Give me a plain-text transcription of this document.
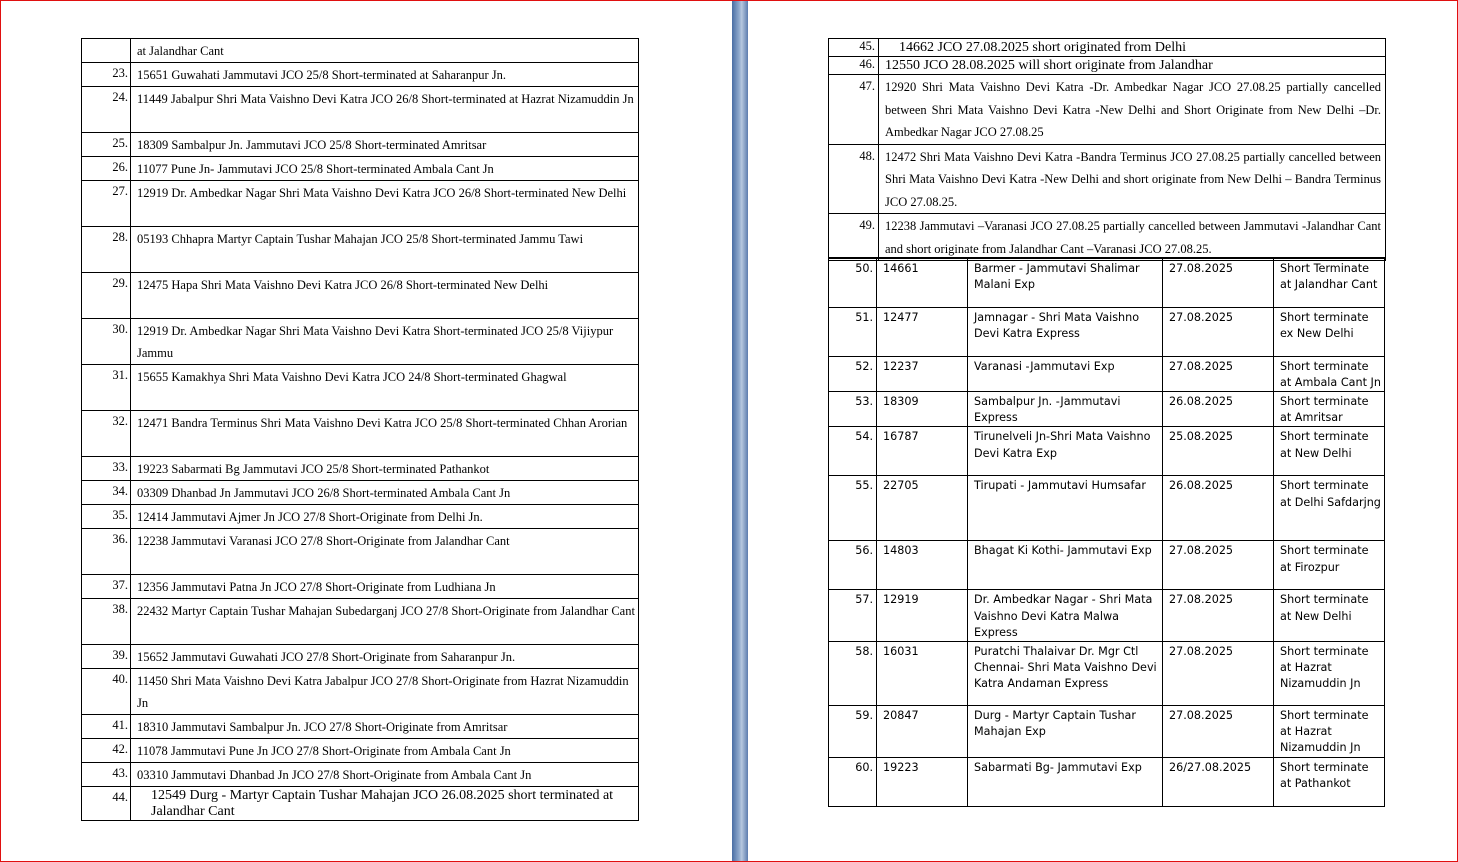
	at Jalandhar Cant
23.	15651 Guwahati Jammutavi JCO 25/8 Short-terminated at Saharanpur Jn.
24.	11449 Jabalpur Shri Mata Vaishno Devi Katra JCO 26/8 Short-terminated at Hazrat Nizamuddin Jn
25.	18309 Sambalpur Jn. Jammutavi JCO 25/8 Short-terminated Amritsar
26.	11077 Pune Jn- Jammutavi JCO 25/8 Short-terminated Ambala Cant Jn
27.	12919 Dr. Ambedkar Nagar Shri Mata Vaishno Devi Katra JCO 26/8 Short-terminated New Delhi
28.	05193 Chhapra Martyr Captain Tushar Mahajan JCO 25/8 Short-terminated Jammu Tawi
29.	12475 Hapa Shri Mata Vaishno Devi Katra JCO 26/8 Short-terminated New Delhi
30.	12919 Dr. Ambedkar Nagar Shri Mata Vaishno Devi Katra Short-terminated JCO 25/8 Vijiypur Jammu
31.	15655 Kamakhya Shri Mata Vaishno Devi Katra JCO 24/8 Short-terminated Ghagwal
32.	12471 Bandra Terminus Shri Mata Vaishno Devi Katra JCO 25/8 Short-terminated Chhan Arorian
33.	19223 Sabarmati Bg Jammutavi JCO 25/8 Short-terminated Pathankot
34.	03309 Dhanbad Jn Jammutavi JCO 26/8 Short-terminated Ambala Cant Jn
35.	12414 Jammutavi Ajmer Jn JCO 27/8 Short-Originate from Delhi Jn.
36.	12238 Jammutavi Varanasi JCO 27/8 Short-Originate from Jalandhar Cant
37.	12356 Jammutavi Patna Jn JCO 27/8 Short-Originate from Ludhiana Jn
38.	22432 Martyr Captain Tushar Mahajan Subedarganj JCO 27/8 Short-Originate from Jalandhar Cant
39.	15652 Jammutavi Guwahati JCO 27/8 Short-Originate from Saharanpur Jn.
40.	11450 Shri Mata Vaishno Devi Katra Jabalpur JCO 27/8 Short-Originate from Hazrat Nizamuddin Jn
41.	18310 Jammutavi Sambalpur Jn. JCO 27/8 Short-Originate from Amritsar
42.	11078 Jammutavi Pune Jn JCO 27/8 Short-Originate from Ambala Cant Jn
43.	03310 Jammutavi Dhanbad Jn JCO 27/8 Short-Originate from Ambala Cant Jn
44.	12549 Durg - Martyr Captain Tushar Mahajan JCO 26.08.2025 short terminated at Jalandhar Cant
45.	14662 JCO 27.08.2025 short originated from Delhi
46.	12550 JCO 28.08.2025 will short originate from Jalandhar
47.	12920 Shri Mata Vaishno Devi Katra -Dr. Ambedkar Nagar JCO 27.08.25 partially cancelled between Shri Mata Vaishno Devi Katra -New Delhi and Short Originate from New Delhi –Dr. Ambedkar Nagar JCO 27.08.25
48.	12472 Shri Mata Vaishno Devi Katra -Bandra Terminus JCO 27.08.25 partially cancelled between Shri Mata Vaishno Devi Katra -New Delhi and short originate from New Delhi – Bandra Terminus JCO 27.08.25.
49.	12238 Jammutavi –Varanasi JCO 27.08.25 partially cancelled between Jammutavi -Jalandhar Cant and short originate from Jalandhar Cant –Varanasi JCO 27.08.25.
50.	14661	Barmer - Jammutavi Shalimar Malani Exp	27.08.2025	Short Terminate at Jalandhar Cant
51.	12477	Jamnagar - Shri Mata Vaishno Devi Katra Express	27.08.2025	Short terminate ex New Delhi
52.	12237	Varanasi -Jammutavi Exp	27.08.2025	Short terminate at Ambala Cant Jn
53.	18309	Sambalpur Jn. -Jammutavi Express	26.08.2025	Short terminate at Amritsar
54.	16787	Tirunelveli Jn-Shri Mata Vaishno Devi Katra Exp	25.08.2025	Short terminate at New Delhi
55.	22705	Tirupati - Jammutavi Humsafar	26.08.2025	Short terminate at Delhi Safdarjng
56.	14803	Bhagat Ki Kothi- Jammutavi Exp	27.08.2025	Short terminate at Firozpur
57.	12919	Dr. Ambedkar Nagar - Shri Mata Vaishno Devi Katra Malwa Express	27.08.2025	Short terminate at New Delhi
58.	16031	Puratchi Thalaivar Dr. Mgr Ctl Chennai- Shri Mata Vaishno Devi Katra Andaman Express	27.08.2025	Short terminate at Hazrat Nizamuddin Jn
59.	20847	Durg - Martyr Captain Tushar Mahajan Exp	27.08.2025	Short terminate at Hazrat Nizamuddin Jn
60.	19223	Sabarmati Bg- Jammutavi Exp	26/27.08.2025	Short terminate at Pathankot
